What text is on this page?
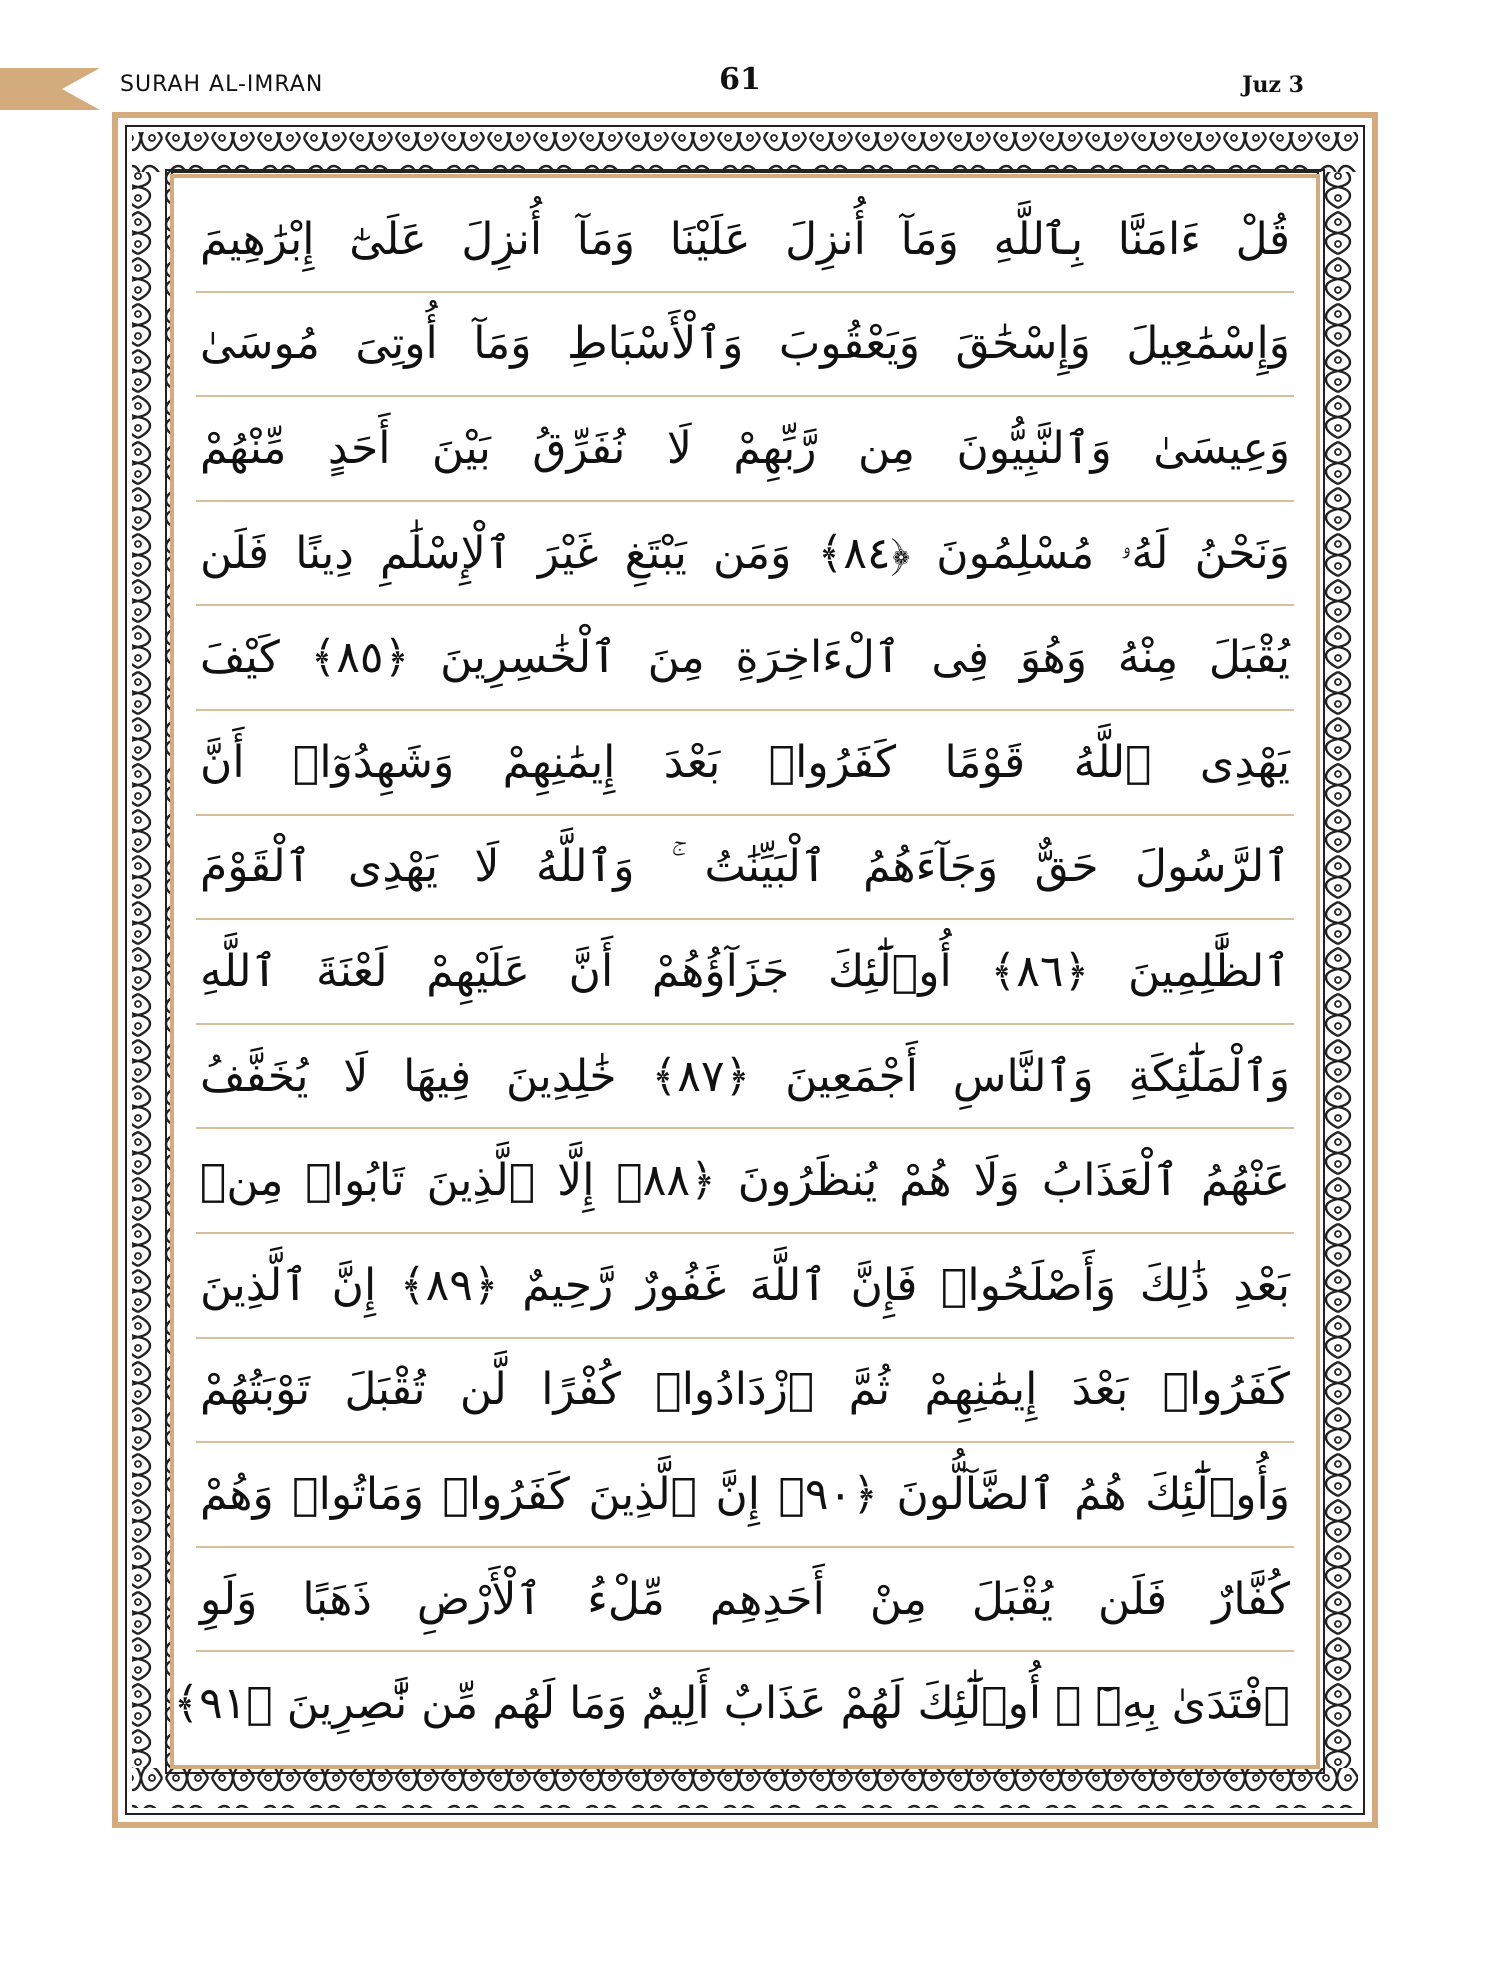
SURAH AL-IMRAN	61	Juz 3
قُلْ ءَامَنَّا بِٱللَّهِ وَمَآ أُنزِلَ عَلَيْنَا وَمَآ أُنزِلَ عَلَىٰٓ إِبْرَٰهِيمَ
وَإِسْمَٰعِيلَ وَإِسْحَٰقَ وَيَعْقُوبَ وَٱلْأَسْبَاطِ وَمَآ أُوتِىَ مُوسَىٰ
وَعِيسَىٰ وَٱلنَّبِيُّونَ مِن رَّبِّهِمْ لَا نُفَرِّقُ بَيْنَ أَحَدٍ مِّنْهُمْ
وَنَحْنُ لَهُۥ مُسْلِمُونَ ﴿٨٤﴾ وَمَن يَبْتَغِ غَيْرَ ٱلْإِسْلَٰمِ دِينًا فَلَن
يُقْبَلَ مِنْهُ وَهُوَ فِى ٱلْءَاخِرَةِ مِنَ ٱلْخَٰسِرِينَ ﴿٨٥﴾ كَيْفَ
يَهْدِى ٱللَّهُ قَوْمًا كَفَرُوا۟ بَعْدَ إِيمَٰنِهِمْ وَشَهِدُوٓا۟ أَنَّ
ٱلرَّسُولَ حَقٌّ وَجَآءَهُمُ ٱلْبَيِّنَٰتُ ۚ وَٱللَّهُ لَا يَهْدِى ٱلْقَوْمَ
ٱلظَّٰلِمِينَ ﴿٨٦﴾ أُو۟لَٰٓئِكَ جَزَآؤُهُمْ أَنَّ عَلَيْهِمْ لَعْنَةَ ٱللَّهِ
وَٱلْمَلَٰٓئِكَةِ وَٱلنَّاسِ أَجْمَعِينَ ﴿٨٧﴾ خَٰلِدِينَ فِيهَا لَا يُخَفَّفُ
عَنْهُمُ ٱلْعَذَابُ وَلَا هُمْ يُنظَرُونَ ﴿٨٨﴾ إِلَّا ٱلَّذِينَ تَابُوا۟ مِنۢ
بَعْدِ ذَٰلِكَ وَأَصْلَحُوا۟ فَإِنَّ ٱللَّهَ غَفُورٌ رَّحِيمٌ ﴿٨٩﴾ إِنَّ ٱلَّذِينَ
كَفَرُوا۟ بَعْدَ إِيمَٰنِهِمْ ثُمَّ ٱزْدَادُوا۟ كُفْرًا لَّن تُقْبَلَ تَوْبَتُهُمْ
وَأُو۟لَٰٓئِكَ هُمُ ٱلضَّآلُّونَ ﴿٩٠﴾ إِنَّ ٱلَّذِينَ كَفَرُوا۟ وَمَاتُوا۟ وَهُمْ
كُفَّارٌ فَلَن يُقْبَلَ مِنْ أَحَدِهِم مِّلْءُ ٱلْأَرْضِ ذَهَبًا وَلَوِ
ٱفْتَدَىٰ بِهِۦٓ ۗ أُو۟لَٰٓئِكَ لَهُمْ عَذَابٌ أَلِيمٌ وَمَا لَهُم مِّن نَّٰصِرِينَ ﴿٩١﴾
